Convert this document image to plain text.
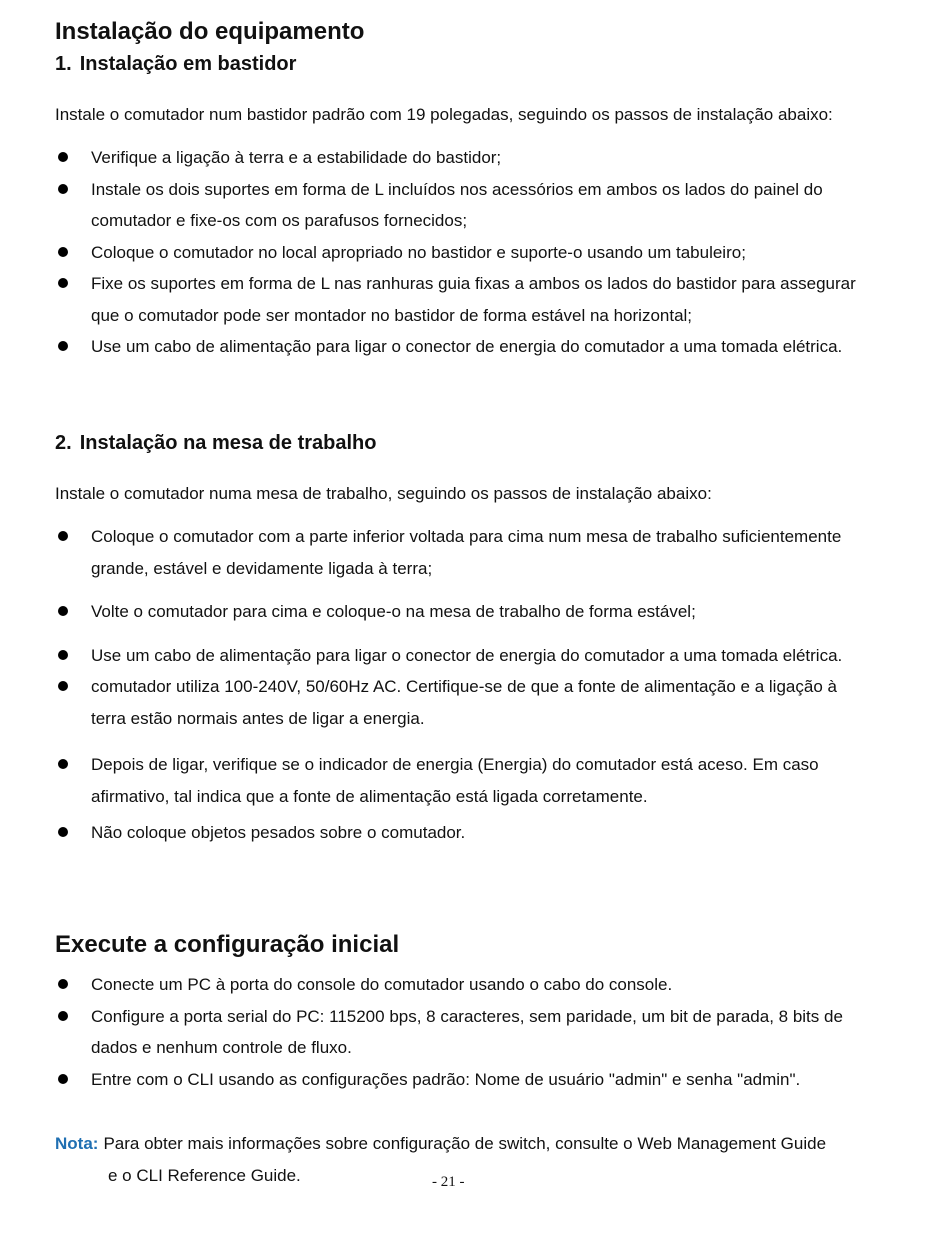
Instalação do equipamento
1. Instalação em bastidor

Instale o comutador num bastidor padrão com 19 polegadas, seguindo os passos de instalação abaixo:

Verifique a ligação à terra e a estabilidade do bastidor;
Instale os dois suportes em forma de L incluídos nos acessórios em ambos os lados do painel do comutador e fixe-os com os parafusos fornecidos;
Coloque o comutador no local apropriado no bastidor e suporte-o usando um tabuleiro;
Fixe os suportes em forma de L nas ranhuras guia fixas a ambos os lados do bastidor para assegurar que o comutador pode ser montador no bastidor de forma estável na horizontal;
Use um cabo de alimentação para ligar o conector de energia do comutador a uma tomada elétrica.
2. Instalação na mesa de trabalho

Instale o comutador numa mesa de trabalho, seguindo os passos de instalação abaixo:

Coloque o comutador com a parte inferior voltada para cima num mesa de trabalho suficientemente grande, estável e devidamente ligada à terra;
Volte o comutador para cima e coloque-o na mesa de trabalho de forma estável;
Use um cabo de alimentação para ligar o conector de energia do comutador a uma tomada elétrica.
comutador utiliza 100-240V, 50/60Hz AC. Certifique-se de que a fonte de alimentação e a ligação à terra estão normais antes de ligar a energia.
Depois de ligar, verifique se o indicador de energia (Energia) do comutador está aceso. Em caso afirmativo, tal indica que a fonte de alimentação está ligada corretamente.
Não coloque objetos pesados sobre o comutador.
Execute a configuração inicial
Conecte um PC à porta do console do comutador usando o cabo do console.
Configure a porta serial do PC: 115200 bps, 8 caracteres, sem paridade, um bit de parada, 8 bits de dados e nenhum controle de fluxo.
Entre com o CLI usando as configurações padrão: Nome de usuário "admin" e senha "admin".
Nota: Para obter mais informações sobre configuração de switch, consulte o Web Management Guide
e o CLI Reference Guide.	- 21 -
